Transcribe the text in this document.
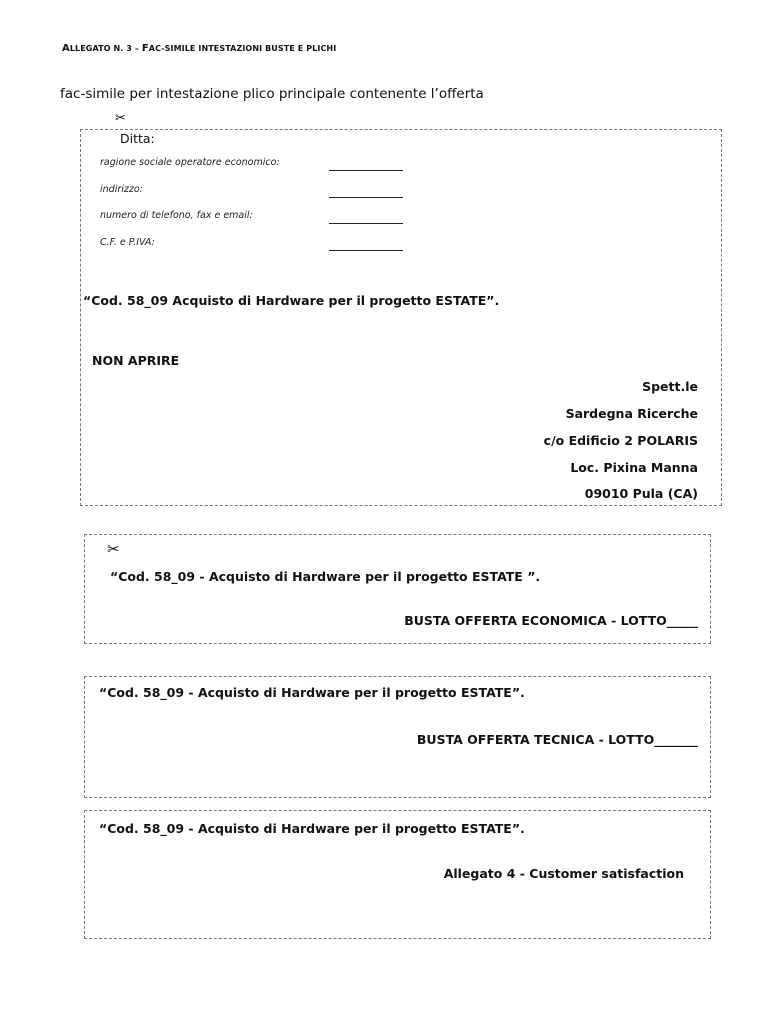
ALLEGATO N. 3 – FAC-SIMILE INTESTAZIONI BUSTE E PLICHI
fac-simile per intestazione plico principale contenente l’offerta
✂
Ditta:
ragione sociale operatore economico:
indirizzo:
numero di telefono, fax e email:
C.F. e P.IVA:
“Cod. 58_09 Acquisto di Hardware per il progetto ESTATE”.
NON APRIRE
Spett.le
Sardegna Ricerche
c/o Edificio 2 POLARIS
Loc. Pixina Manna
09010 Pula (CA)
✂
“Cod. 58_09 - Acquisto di Hardware per il progetto ESTATE ”.
BUSTA OFFERTA ECONOMICA - LOTTO_____
“Cod. 58_09 - Acquisto di Hardware per il progetto ESTATE”.
BUSTA OFFERTA TECNICA - LOTTO_______
“Cod. 58_09 - Acquisto di Hardware per il progetto ESTATE”.
Allegato 4 - Customer satisfaction
